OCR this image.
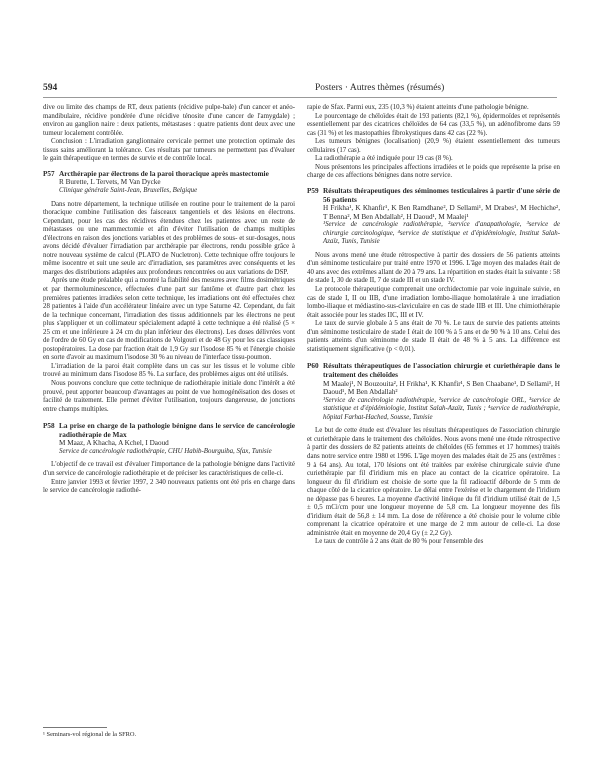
594	Posters · Autres thèmes (résumés)

dive ou limite des champs de RT, deux patients (récidive pulpe-bale) d'un cancer et anéo-mandibulaire, récidive pondérée d'une récidive ténosite d'une cancer de l'amygdale) ; environ au ganglion naire : deux patients, métastases : quatre patients dont deux avec une tumeur localement contrôlée.

Conclusion : L'irradiation ganglionnaire cervicale permet une protection optimale des tissus sains améliorant la tolérance. Ces résultats par tumeurs ne permettent pas d'évaluer le gain thérapeutique en termes de survie et de contrôle local.

P57 Arcthérapie par électrons de la paroi thoracique après mastectomie

R Burette, L Tervets, M Van Dycke

Clinique générale Saint-Jean, Bruxelles, Belgique

Dans notre département, la technique utilisée en routine pour le traitement de la paroi thoracique combine l'utilisation des faisceaux tangentiels et des lésions en électrons. Cependant, pour les cas des récidives étendues chez les patientes avec un reste de métastases ou une mammectomie et afin d'éviter l'utilisation de champs multiples d'électrons en raison des jonctions variables et des problèmes de sous- et sur-dosages, nous avons décidé d'évaluer l'irradiation par arcthérapie par électrons, rendu possible grâce à notre nouveau système de calcul (PLATO de Nucletron). Cette technique offre toujours le même isocentre et suit une seule arc d'irradiation, ses paramètres avec conséquents et les marges des distributions adaptées aux profondeurs rencontrées ou aux variations de DSP.

Après une étude préalable qui a montré la fiabilité des mesures avec films dosimétriques et par thermoluminescence, effectuées d'une part sur fantôme et d'autre part chez les premières patientes irradiées selon cette technique, les irradiations ont été effectuées chez 28 patientes à l'aide d'un accélérateur linéaire avec un type Saturne 42. Cependant, du fait de la technique concernant, l'irradiation des tissus additionnels par les électrons ne peut plus s'appliquer et un collimateur spécialement adapté à cette technique a été réalisé (5 × 25 cm et une inférieure à 24 cm du plan inférieur des électrons). Les doses délivrées vont de l'ordre de 60 Gy en cas de modifications de Volgouri et de 48 Gy pour les cas classiques postopératoires. La dose par fraction était de 1,9 Gy sur l'isodose 85 % et l'énergie choisie en sorte d'avoir au maximum l'isodose 30 % au niveau de l'interface tissu-poumon.

L'irradiation de la paroi était complète dans un cas sur les tissus et le volume cible trouvé au minimum dans l'isodose 85 %. La surface, des problèmes aigus ont été utilisés.

Nous pouvons conclure que cette technique de radiothérapie initiale donc l'intérêt a été prouvé, peut apporter beaucoup d'avantages au point de vue homogénéisation des doses et facilité de traitement. Elle permet d'éviter l'utilisation, toujours dangereuse, de jonctions entre champs multiples.

P58 La prise en charge de la pathologie bénigne dans le service de cancérologie radiothérapie de Max

M Maaz, A Khacha, A Kchel, I Daoud

Service de cancérologie radiothérapie, CHU Habib-Bourguiba, Sfax, Tunisie

L'objectif de ce travail est d'évaluer l'importance de la pathologie bénigne dans l'activité d'un service de cancérologie radiothérapie et de préciser les caractéristiques de celle-ci.

Entre janvier 1993 et février 1997, 2 340 nouveaux patients ont été pris en charge dans le service de cancérologie radiothé-

¹ Seminars-vol régional de la SFRO.

rapie de Sfax. Parmi eux, 235 (10,3 %) étaient atteints d'une pathologie bénigne.

Le pourcentage de chéloïdes était de 193 patients (82,1 %), épidermoïdes et représentés essentiellement par des cicatrices chéloïdes de 64 cas (33,5 %), un adénofibrome dans 59 cas (31 %) et les mastopathies fibrokystiques dans 42 cas (22 %).

Les tumeurs bénignes (localisation) (20,9 %) étaient essentiellement des tumeurs cellulaires (17 cas).

La radiothérapie a été indiquée pour 19 cas (8 %).

Nous présentons les principales affections irradiées et le poids que représente la prise en charge de ces affections bénignes dans notre service.

P59 Résultats thérapeutiques des séminomes testiculaires à partir d'une série de 56 patients

H Frikha¹, K Khanfir¹, K Ben Ramdhane², D Sellami¹, M Drabes¹, M Hechiche², T Benna², M Ben Abdallah², H Daoud¹, M Maalej¹

¹Service de cancérologie radiothérapie, ²service d'anapathologie, ³service de chirurgie carcinologique, ⁴service de statistique et d'épidémiologie, Institut Salah-Azaïz, Tunis, Tunisie

Nous avons mené une étude rétrospective à partir des dossiers de 56 patients atteints d'un séminome testiculaire pur traité entre 1970 et 1996. L'âge moyen des malades était de 40 ans avec des extrêmes allant de 20 à 79 ans. La répartition en stades était la suivante : 58 de stade I, 30 de stade II, 7 de stade III et un stade IV.

Le protocole thérapeutique comprenait une orchidectomie par voie inguinale suivie, en cas de stade I, II ou IIB, d'une irradiation lombo-iliaque homolatérale à une irradiation lombo-iliaque et médiastino-sus-claviculaire en cas de stade IIB et III. Une chimiothérapie était associée pour les stades IIC, III et IV.

Le taux de survie globale à 5 ans était de 70 %. Le taux de survie des patients atteints d'un séminome testiculaire de stade I était de 100 % à 5 ans et de 90 % à 10 ans. Celui des patients atteints d'un séminome de stade II était de 48 % à 5 ans. La différence est statistiquement significative (p < 0,01).

P60 Résultats thérapeutiques de l'association chirurgie et curiethérapie dans le traitement des chéloïdes

M Maalej¹, N Bouzouita², H Frikha¹, K Khanfir¹, S Ben Chaabane¹, D Sellami¹, H Daoud¹, M Ben Abdallah²

¹Service de cancérologie radiothérapie, ²service de cancérologie ORL, ³service de statistique et d'épidémiologie, Institut Salah-Azaïz, Tunis ; ⁴service de radiothérapie, hôpital Farhat-Hached, Sousse, Tunisie

Le but de cette étude est d'évaluer les résultats thérapeutiques de l'association chirurgie et curiethérapie dans le traitement des chéloïdes. Nous avons mené une étude rétrospective à partir des dossiers de 82 patients atteints de chéloïdes (65 femmes et 17 hommes) traités dans notre service entre 1980 et 1996. L'âge moyen des malades était de 25 ans (extrêmes : 9 à 64 ans). Au total, 170 lésions ont été traitées par exérèse chirurgicale suivie d'une curiethérapie par fil d'iridium mis en place au contact de la cicatrice opératoire. La longueur du fil d'iridium est choisie de sorte que la fil radioactif déborde de 5 mm de chaque côté de la cicatrice opératoire. Le délai entre l'exérèse et le chargement de l'iridium ne dépasse pas 6 heures. La moyenne d'activité linéique du fil d'iridium utilisé était de 1,5 ± 0,5 mCi/cm pour une longueur moyenne de 5,8 cm. La longueur moyenne des fils d'iridium était de 56,8 ± 14 mm. La dose de référence a été choisie pour le volume cible comprenant la cicatrice opératoire et une marge de 2 mm autour de celle-ci. La dose administrée était en moyenne de 20,4 Gy (± 2,2 Gy).

Le taux de contrôle à 2 ans était de 80 % pour l'ensemble des
